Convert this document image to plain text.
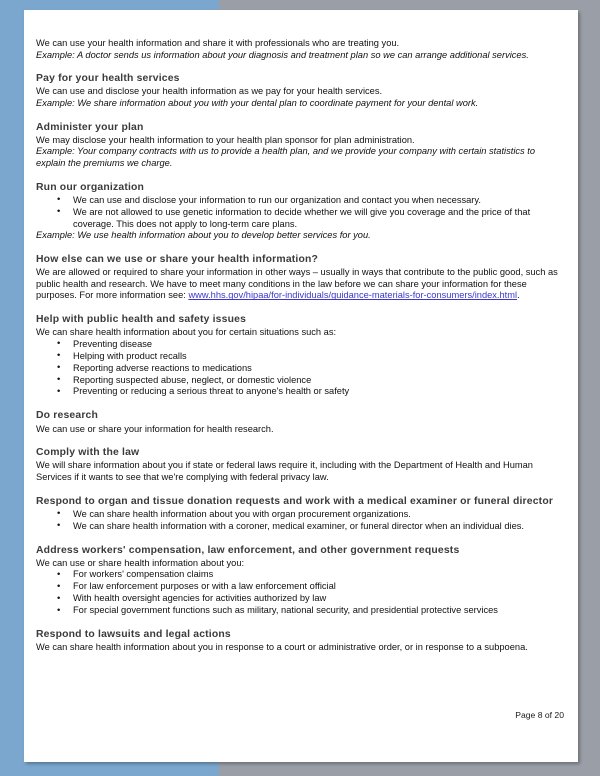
We can use your health information and share it with professionals who are treating you.

Example: A doctor sends us information about your diagnosis and treatment plan so we can arrange additional services.

Pay for your health services

We can use and disclose your health information as we pay for your health services.

Example: We share information about you with your dental plan to coordinate payment for your dental work.

Administer your plan

We may disclose your health information to your health plan sponsor for plan administration.

Example: Your company contracts with us to provide a health plan, and we provide your company with certain statistics to explain the premiums we charge.

Run our organization
• We can use and disclose your information to run our organization and contact you when necessary.
• We are not allowed to use genetic information to decide whether we will give you coverage and the price of that coverage. This does not apply to long-term care plans.

Example: We use health information about you to develop better services for you.

How else can we use or share your health information?

We are allowed or required to share your information in other ways – usually in ways that contribute to the public good, such as public health and research. We have to meet many conditions in the law before we can share your information for these purposes. For more information see: www.hhs.gov/hipaa/for-individuals/guidance-materials-for-consumers/index.html.

Help with public health and safety issues

We can share health information about you for certain situations such as:

• Preventing disease
• Helping with product recalls
• Reporting adverse reactions to medications
• Reporting suspected abuse, neglect, or domestic violence
• Preventing or reducing a serious threat to anyone's health or safety
Do research

We can use or share your information for health research.

Comply with the law

We will share information about you if state or federal laws require it, including with the Department of Health and Human Services if it wants to see that we're complying with federal privacy law.

Respond to organ and tissue donation requests and work with a medical examiner or funeral director
• We can share health information about you with organ procurement organizations.
• We can share health information with a coroner, medical examiner, or funeral director when an individual dies.
Address workers' compensation, law enforcement, and other government requests

We can use or share health information about you:

• For workers' compensation claims
• For law enforcement purposes or with a law enforcement official
• With health oversight agencies for activities authorized by law
• For special government functions such as military, national security, and presidential protective services
Respond to lawsuits and legal actions

We can share health information about you in response to a court or administrative order, or in response to a subpoena.

Page 8 of 20
